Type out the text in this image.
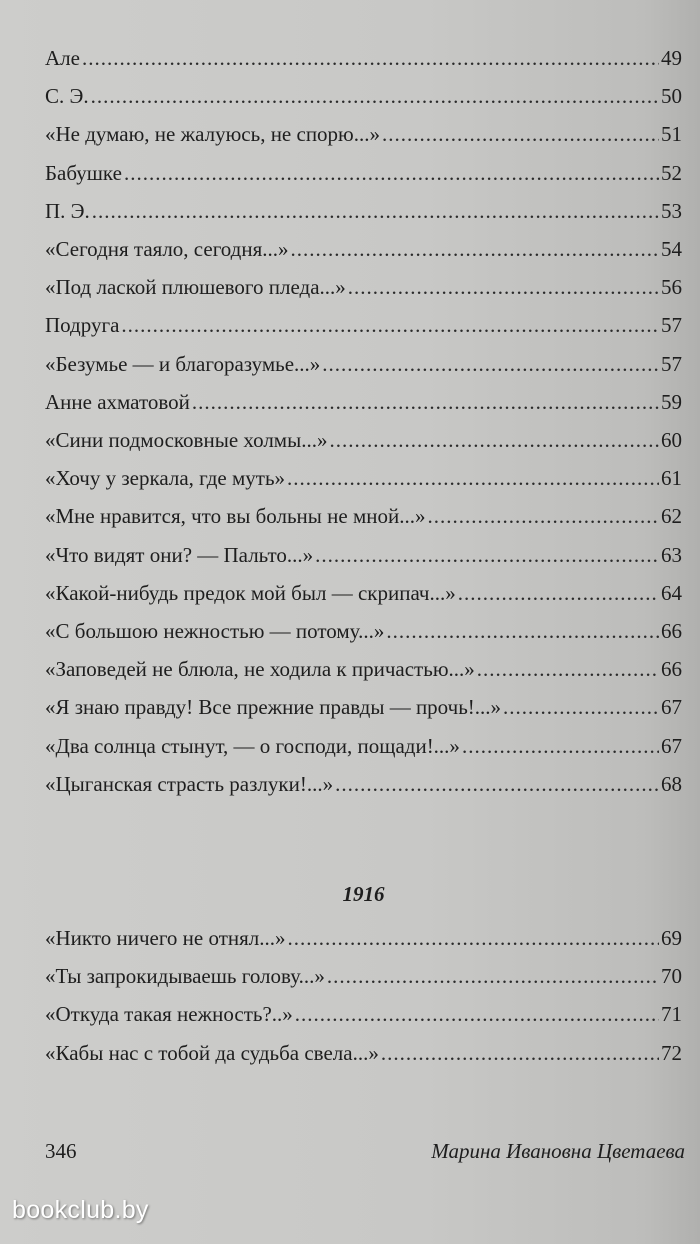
1916
Але .....	49
С. Э. .....	50
«Не думаю, не жалуюсь, не спорю...» .....	51
Бабушке .....	52
П. Э. .....	53
«Сегодня таяло, сегодня...» .....	54
«Под лаской плюшевого пледа...» .....	56
Подруга .....	57
«Безумье — и благоразумье...» .....	57
Анне ахматовой .....	59
«Сини подмосковные холмы...» .....	60
«Хочу у зеркала, где муть» .....	61
«Мне нравится, что вы больны не мной...» .....	62
«Что видят они? — Пальто...» .....	63
«Какой-нибудь предок мой был — скрипач...» .....	64
«С большою нежностью — потому...» .....	66
«Заповедей не блюла, не ходила к причастью...» .....	66
«Я знаю правду! Все прежние правды — прочь!...» .....	67
«Два солнца стынут, — о господи, пощади!...» .....	67
«Цыганская страсть разлуки!...» .....	68
«Никто ничего не отнял...» .....	69
«Ты запрокидываешь голову...» .....	70
«Откуда такая нежность?..» .....	71
«Кабы нас с тобой да судьба свела...» .....	72
346	Марина Ивановна Цветаева
bookclub.by
